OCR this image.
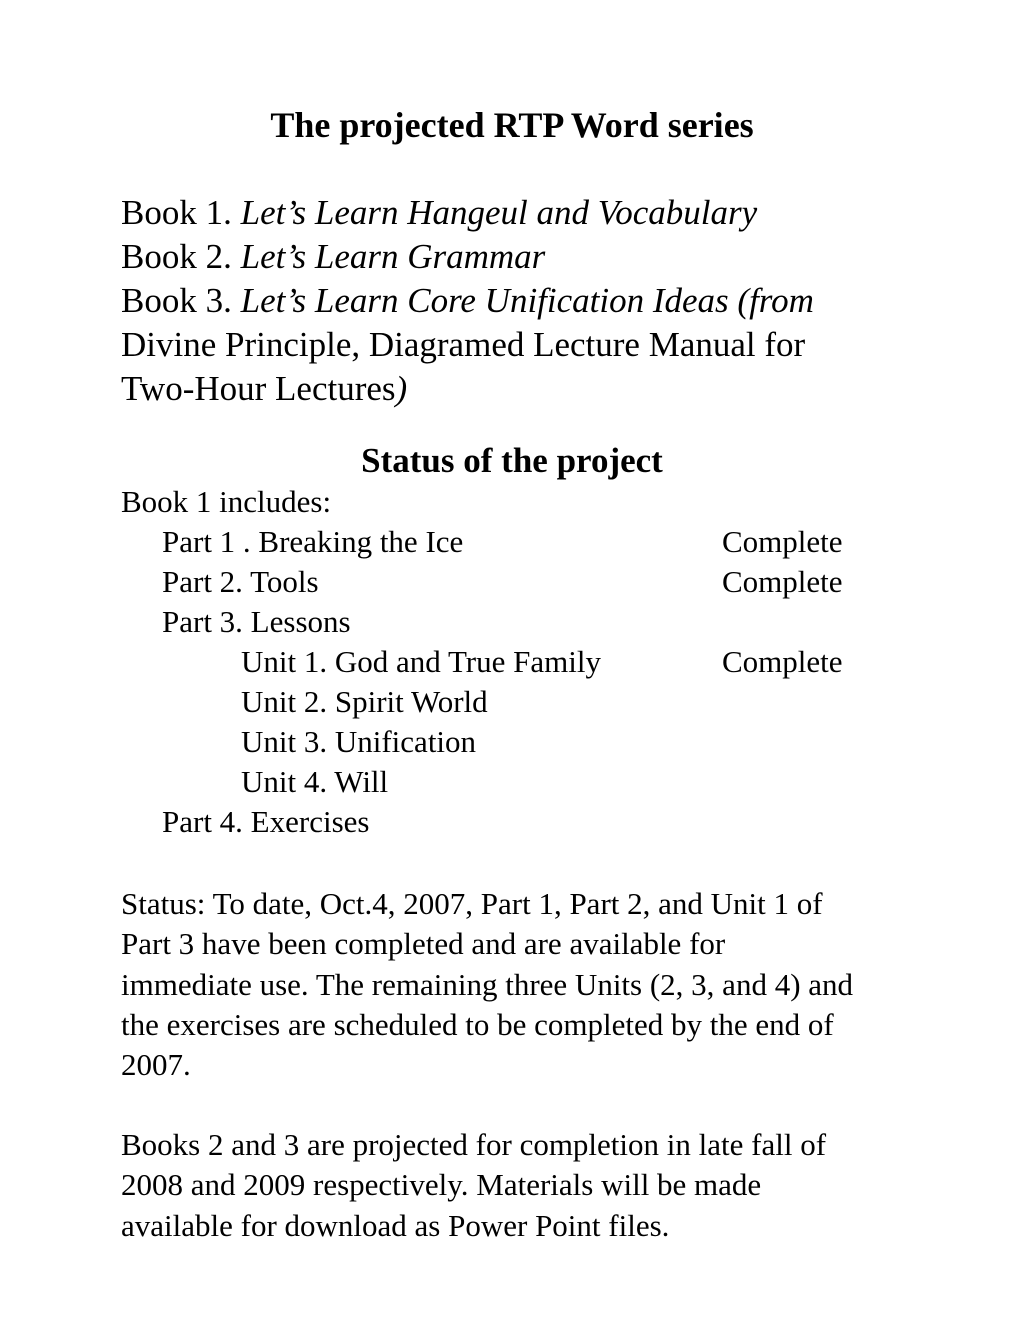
The projected RTP Word series

Book 1. Let’s Learn Hangeul and Vocabulary

Book 2. Let’s Learn Grammar

Book 3. Let’s Learn Core Unification Ideas (from

Divine Principle, Diagramed Lecture Manual for

Two-Hour Lectures)

Status of the project
Book 1 includes:
Part 1 . Breaking the Ice	Complete
Part 2. Tools	Complete
Part 3. Lessons
Unit 1. God and True Family	Complete
Unit 2. Spirit World
Unit 3. Unification
Unit 4. Will
Part 4. Exercises
Status: To date, Oct.4, 2007, Part 1, Part 2, and Unit 1 of
Part 3 have been completed and are available for
immediate use. The remaining three Units (2, 3, and 4) and
the exercises are scheduled to be completed by the end of
2007.
Books 2 and 3 are projected for completion in late fall of
2008 and 2009 respectively. Materials will be made
available for download as Power Point files.
